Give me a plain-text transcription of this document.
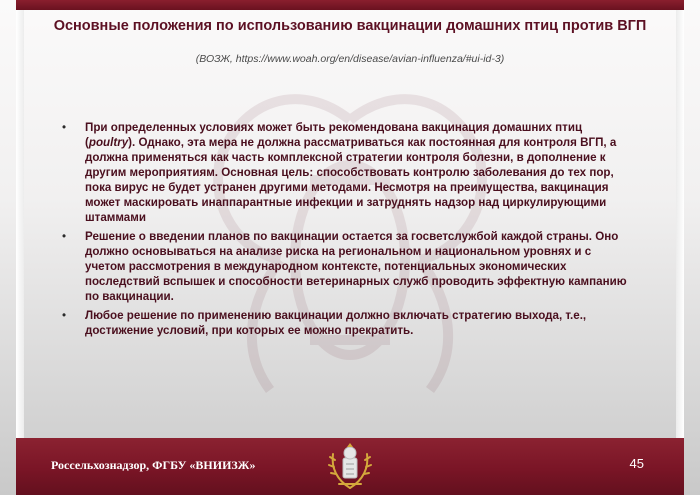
Основные положения по использованию вакцинации домашних птиц против ВГП
(ВОЗЖ, https://www.woah.org/en/disease/avian-influenza/#ui-id-3)
• При определенных условиях может быть рекомендована вакцинация домашних птиц (poultry). Однако, эта мера не должна рассматриваться как постоянная для контроля ВГП, а должна применяться как часть комплексной стратегии контроля болезни, в дополнение к другим мероприятиям. Основная цель: способствовать контролю заболевания до тех пор, пока вирус не будет устранен другими методами. Несмотря на преимущества, вакцинация может маскировать инаппарантные инфекции и затруднять надзор над циркулирующими штаммами
• Решение о введении планов по вакцинации остается за госветслужбой каждой страны. Оно должно основываться на анализе риска на региональном и национальном уровнях и с учетом рассмотрения в международном контексте, потенциальных экономических последствий вспышек и способности ветеринарных служб проводить эффектную кампанию по вакцинации.
• Любое решение по применению вакцинации должно включать стратегию выхода, т.е., достижение условий, при которых ее можно прекратить.
Россельхознадзор, ФГБУ «ВНИИЗЖ»	45
